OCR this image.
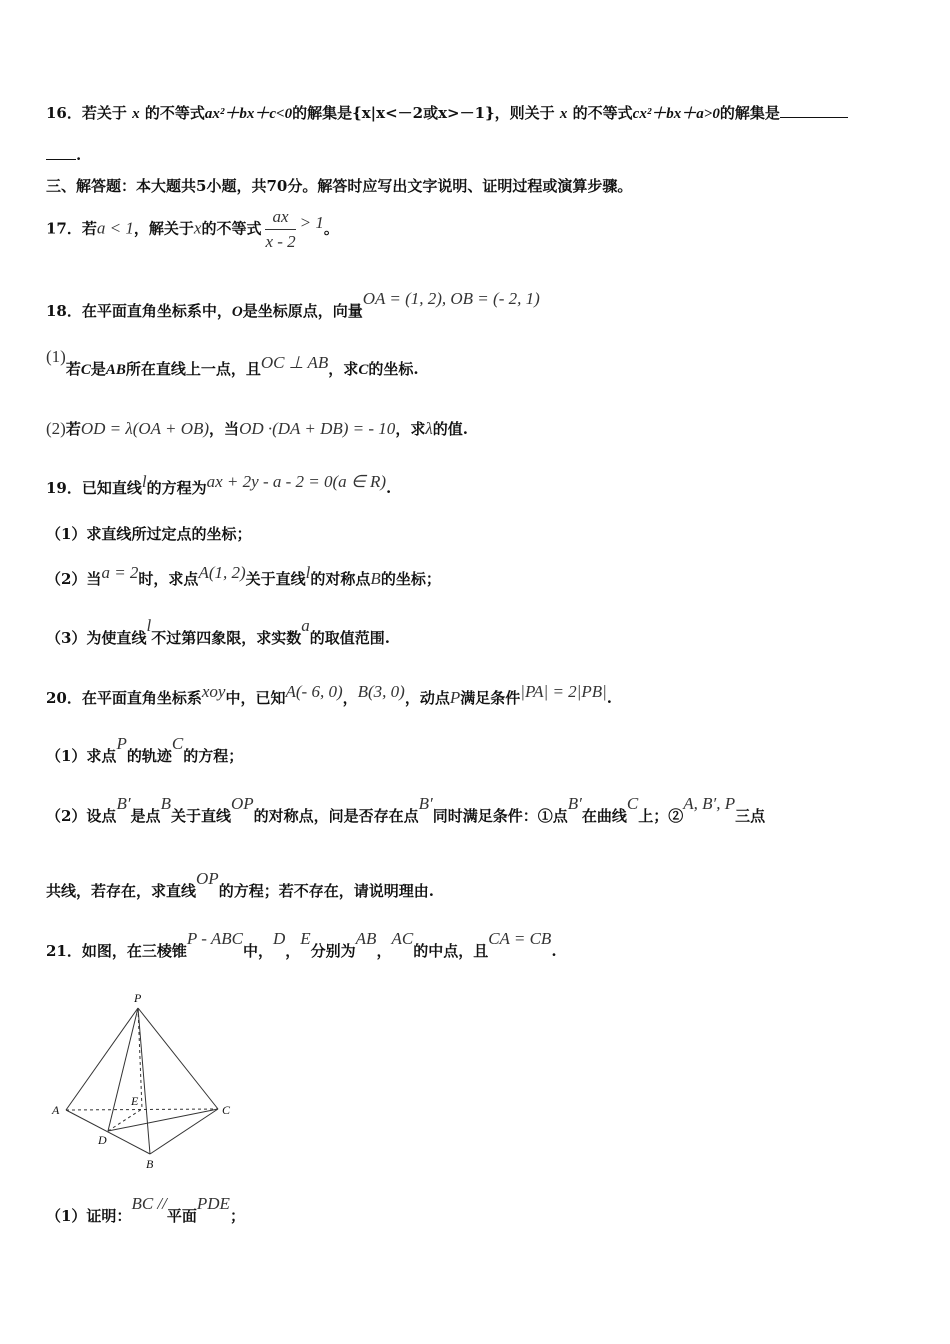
16．若关于 x 的不等式ax²＋bx＋c<0的解集是{x|x<－2或x>－1}，则关于 x 的不等式cx²＋bx＋a>0的解集是
.
三、解答题：本大题共5小题，共70分。解答时应写出文字说明、证明过程或演算步骤。
17．若a < 1，解关于x的不等式 $\frac{ax}{x - 2} > 1$。
18．在平面直角坐标系中，O是坐标原点，向量OA = (1, 2), OB = (- 2, 1)
(1)若C是AB所在直线上一点，且OC ⊥ AB，求C的坐标.
(2)若OD = λ(OA + OB)，当OD ·(DA + DB) = - 10，求λ的值.
19．已知直线l的方程为ax + 2y - a - 2 = 0(a ∈ R).
（1）求直线所过定点的坐标；
（2）当a = 2时，求点A(1, 2)关于直线l的对称点B的坐标；
（3）为使直线l不过第四象限，求实数a的取值范围.
20．在平面直角坐标系xoy中，已知A(- 6, 0)，B(3, 0)，动点P满足条件|PA| = 2|PB|.
（1）求点P的轨迹C的方程；
（2）设点B′是点B关于直线OP的对称点，问是否存在点B′同时满足条件：①点B′在曲线C上；②A, B′, P三点
共线，若存在，求直线OP的方程；若不存在，请说明理由.
21．如图，在三棱锥P - ABC中，D，E分别为AB，AC的中点，且CA = CB.
P
A	C
E
D
B
（1）证明：BC //平面PDE；
